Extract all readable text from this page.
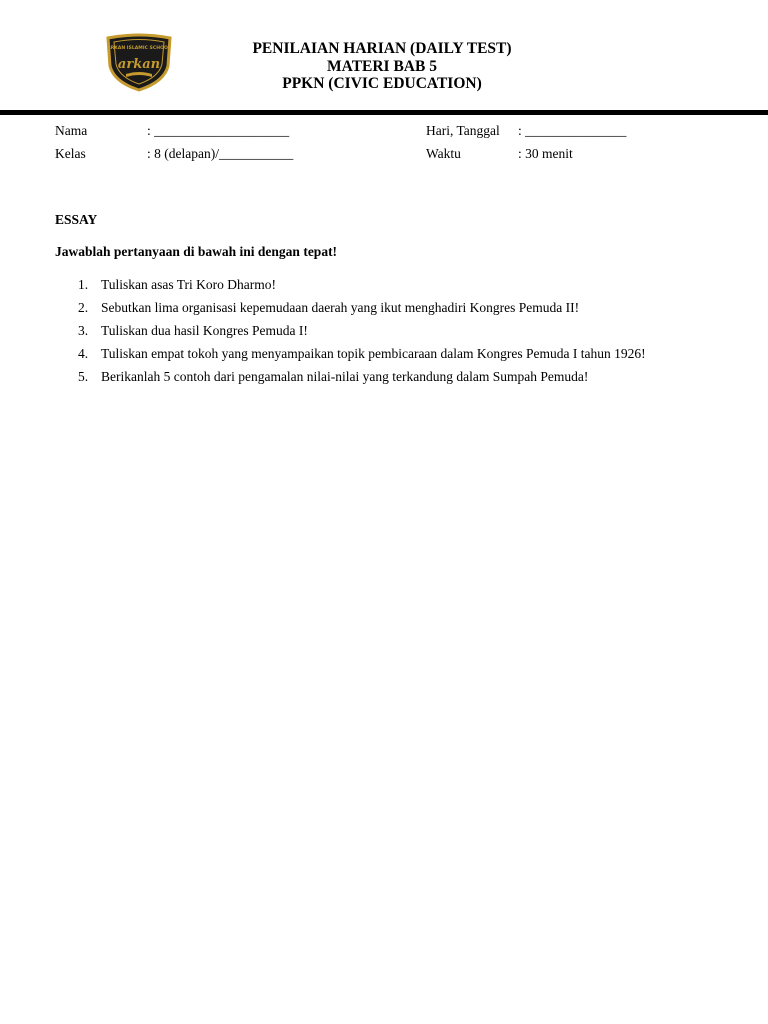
ARKAN ISLAMIC SCHOOL
arkan
PENILAIAN HARIAN (DAILY TEST)
MATERI BAB 5
PPKN (CIVIC EDUCATION)
Nama	: ____________________	Hari, Tanggal : _______________
Kelas	: 8 (delapan)/___________	Waktu	: 30 menit
ESSAY
Jawablah pertanyaan di bawah ini dengan tepat!
1. Tuliskan asas Tri Koro Dharmo!
2. Sebutkan lima organisasi kepemudaan daerah yang ikut menghadiri Kongres Pemuda II!
3. Tuliskan dua hasil Kongres Pemuda I!
4. Tuliskan empat tokoh yang menyampaikan topik pembicaraan dalam Kongres Pemuda I tahun 1926!
5. Berikanlah 5 contoh dari pengamalan nilai-nilai yang terkandung dalam Sumpah Pemuda!
